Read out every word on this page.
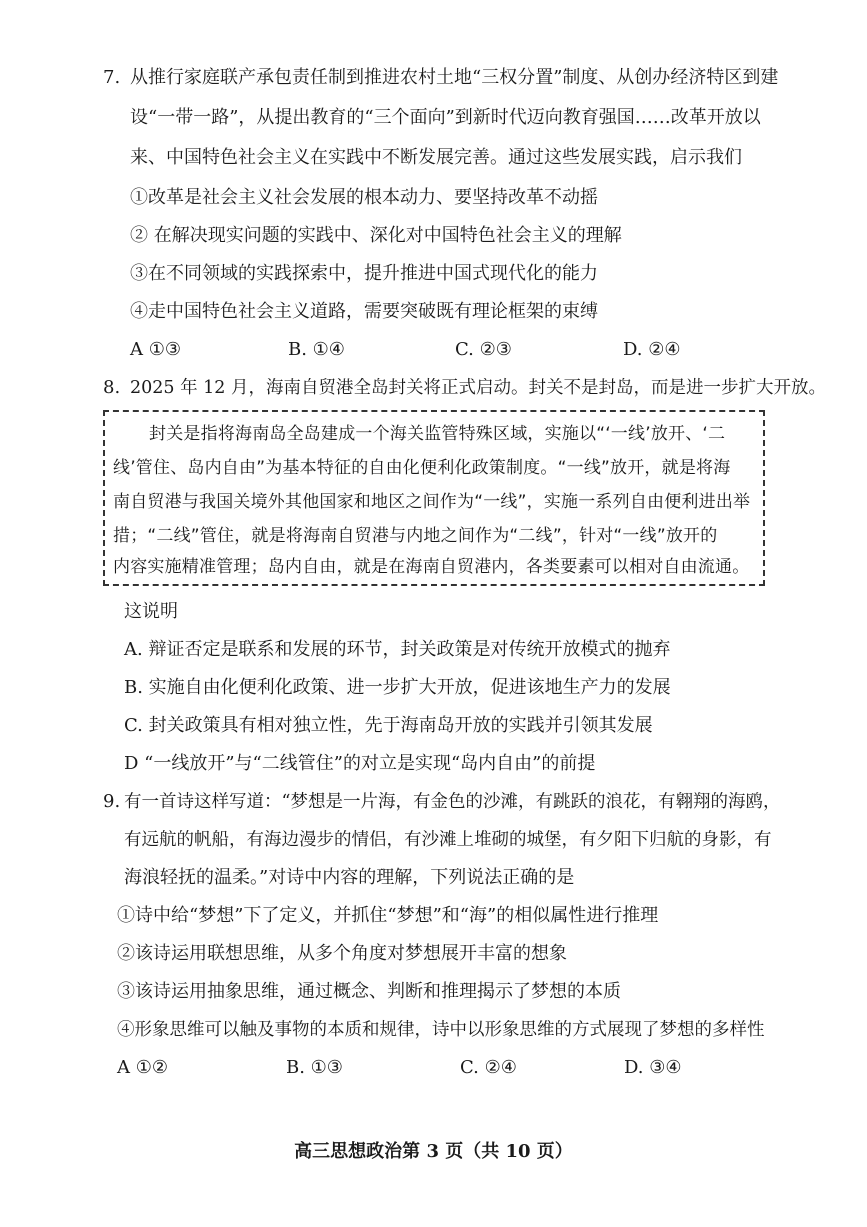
7. 从推行家庭联产承包责任制到推进农村土地“三权分置”制度、从创办经济特区到建
设“一带一路”，从提出教育的“三个面向”到新时代迈向教育强国……改革开放以
来、中国特色社会主义在实践中不断发展完善。通过这些发展实践，启示我们
①改革是社会主义社会发展的根本动力、要坚持改革不动摇
② 在解决现实问题的实践中、深化对中国特色社会主义的理解
③在不同领域的实践探索中，提升推进中国式现代化的能力
④走中国特色社会主义道路，需要突破既有理论框架的束缚
A ①③	B. ①④	C. ②③	D. ②④
8. 2025 年 12 月，海南自贸港全岛封关将正式启动。封关不是封岛，而是进一步扩大开放。
封关是指将海南岛全岛建成一个海关监管特殊区域，实施以“‘一线’放开、‘二
线’管住、岛内自由”为基本特征的自由化便利化政策制度。“一线”放开，就是将海
南自贸港与我国关境外其他国家和地区之间作为“一线”，实施一系列自由便利进出举
措；“二线”管住，就是将海南自贸港与内地之间作为“二线”，针对“一线”放开的
内容实施精准管理；岛内自由，就是在海南自贸港内，各类要素可以相对自由流通。
这说明
A. 辩证否定是联系和发展的环节，封关政策是对传统开放模式的抛弃
B. 实施自由化便利化政策、进一步扩大开放，促进该地生产力的发展
C. 封关政策具有相对独立性，先于海南岛开放的实践并引领其发展
D “一线放开”与“二线管住”的对立是实现“岛内自由”的前提
9. 有一首诗这样写道：“梦想是一片海，有金色的沙滩，有跳跃的浪花，有翱翔的海鸥，
有远航的帆船，有海边漫步的情侣，有沙滩上堆砌的城堡，有夕阳下归航的身影，有
海浪轻抚的温柔。”对诗中内容的理解，下列说法正确的是
①诗中给“梦想”下了定义，并抓住“梦想”和“海”的相似属性进行推理
②该诗运用联想思维，从多个角度对梦想展开丰富的想象
③该诗运用抽象思维，通过概念、判断和推理揭示了梦想的本质
④形象思维可以触及事物的本质和规律，诗中以形象思维的方式展现了梦想的多样性
A ①②	B. ①③	C. ②④	D. ③④
高三思想政治第 3 页（共 10 页）
